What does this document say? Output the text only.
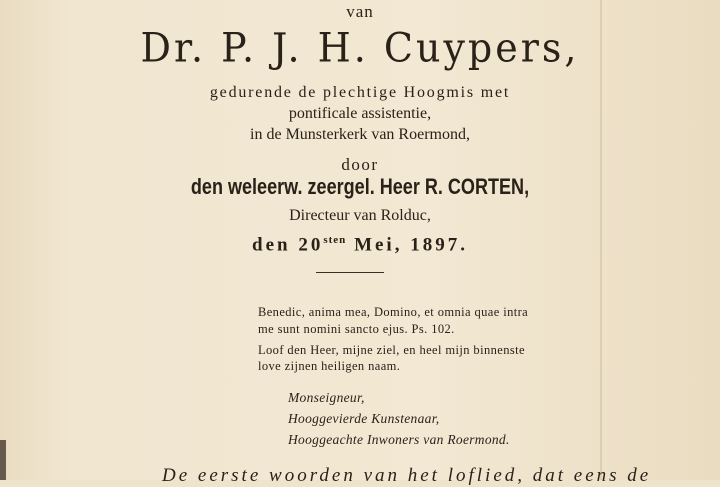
van
Dr. P. J. H. Cuypers,
gedurende de plechtige Hoogmis met
pontificale assistentie,
in de Munsterkerk van Roermond,
door
den weleerw. zeergel. Heer R. CORTEN,
Directeur van Rolduc,
den $20^{sten}$ Mei, 1897.
Benedic, anima mea, Domino, et omnia quae intra
me sunt nomini sancto ejus. Ps. 102.
Loof den Heer, mijne ziel, en heel mijn binnenste
love zijnen heiligen naam.
Monseigneur,
Hooggevierde Kunstenaar,
Hooggeachte Inwoners van Roermond.
De eerste woorden van het loflied, dat eens de
